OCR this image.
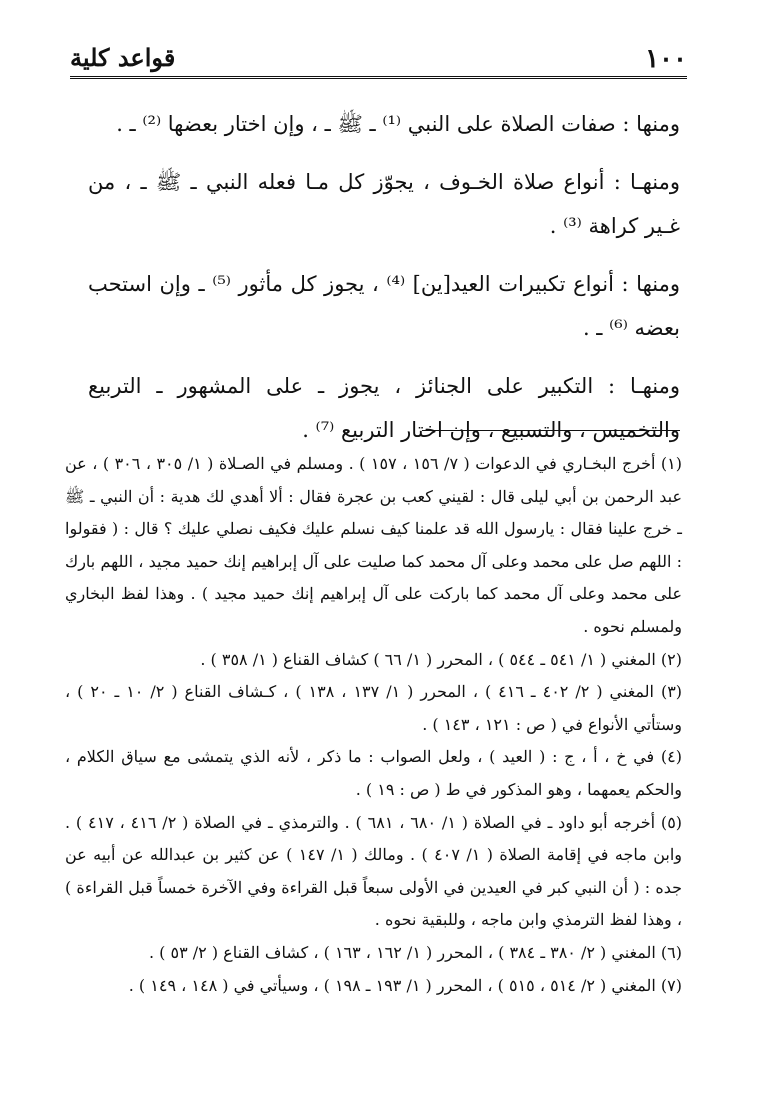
قواعد كلية	١٠٠

ومنها : صفات الصلاة على النبي ⁽¹⁾ ـ ﷺ ـ ، وإن اختار بعضها ⁽²⁾ ـ .

ومنهـا : أنواع صلاة الخـوف ، يجوّز كل مـا فعله النبي ـ ﷺ ـ ، من غـير كراهة ⁽³⁾ .

ومنها : أنواع تكبيرات العيد[ين] ⁽⁴⁾ ، يجوز كل مأثور ⁽⁵⁾ ـ وإن استحب بعضه ⁽⁶⁾ ـ .

ومنهـا : التكبير على الجنائز ، يجوز ـ على المشهور ـ التربيع والتخميس ، والتسبيع ، وإن اختار التربيع ⁽⁷⁾ .

(١) أخرج البخـاري في الدعوات ( ٧/ ١٥٦ ، ١٥٧ ) . ومسلم في الصـلاة ( ١/ ٣٠٥ ، ٣٠٦ ) ، عن عبد الرحمن بن أبي ليلى قال : لقيني كعب بن عجرة فقال : ألا أهدي لك هدية : أن النبي ـ ﷺ ـ خرج علينا فقال : يارسول الله قد علمنا كيف نسلم عليك فكيف نصلي عليك ؟ قال : ( فقولوا : اللهم صل على محمد وعلى آل محمد كما صليت على آل إبراهيم إنك حميد مجيد ، اللهم بارك على محمد وعلى آل محمد كما باركت على آل إبراهيم إنك حميد مجيد ) . وهذا لفظ البخاري ولمسلم نحوه .

(٢) المغني ( ١/ ٥٤١ ـ ٥٤٤ ) ، المحرر ( ١/ ٦٦ ) كشاف القناع ( ١/ ٣٥٨ ) .

(٣) المغني ( ٢/ ٤٠٢ ـ ٤١٦ ) ، المحرر ( ١/ ١٣٧ ، ١٣٨ ) ، كـشاف القناع ( ٢/ ١٠ ـ ٢٠ ) ، وستأتي الأنواع في ( ص : ١٢١ ، ١٤٣ ) .

(٤) في خ ، أ ، ج : ( العيد ) ، ولعل الصواب : ما ذكر ، لأنه الذي يتمشى مع سياق الكلام ، والحكم يعمهما ، وهو المذكور في ط ( ص : ١٩ ) .

(٥) أخرجه أبو داود ـ في الصلاة ( ١/ ٦٨٠ ، ٦٨١ ) . والترمذي ـ في الصلاة ( ٢/ ٤١٦ ، ٤١٧ ) . وابن ماجه في إقامة الصلاة ( ١/ ٤٠٧ ) . ومالك ( ١/ ١٤٧ ) عن كثير بن عبدالله عن أبيه عن جده : ( أن النبي كبر في العيدين في الأولى سبعاً قبل القراءة وفي الآخرة خمساً قبل القراءة ) ، وهذا لفظ الترمذي وابن ماجه ، وللبقية نحوه .

(٦) المغني ( ٢/ ٣٨٠ ـ ٣٨٤ ) ، المحرر ( ١/ ١٦٢ ، ١٦٣ ) ، كشاف القناع ( ٢/ ٥٣ ) .

(٧) المغني ( ٢/ ٥١٤ ، ٥١٥ ) ، المحرر ( ١/ ١٩٣ ـ ١٩٨ ) ، وسيأتي في ( ١٤٨ ، ١٤٩ ) .
